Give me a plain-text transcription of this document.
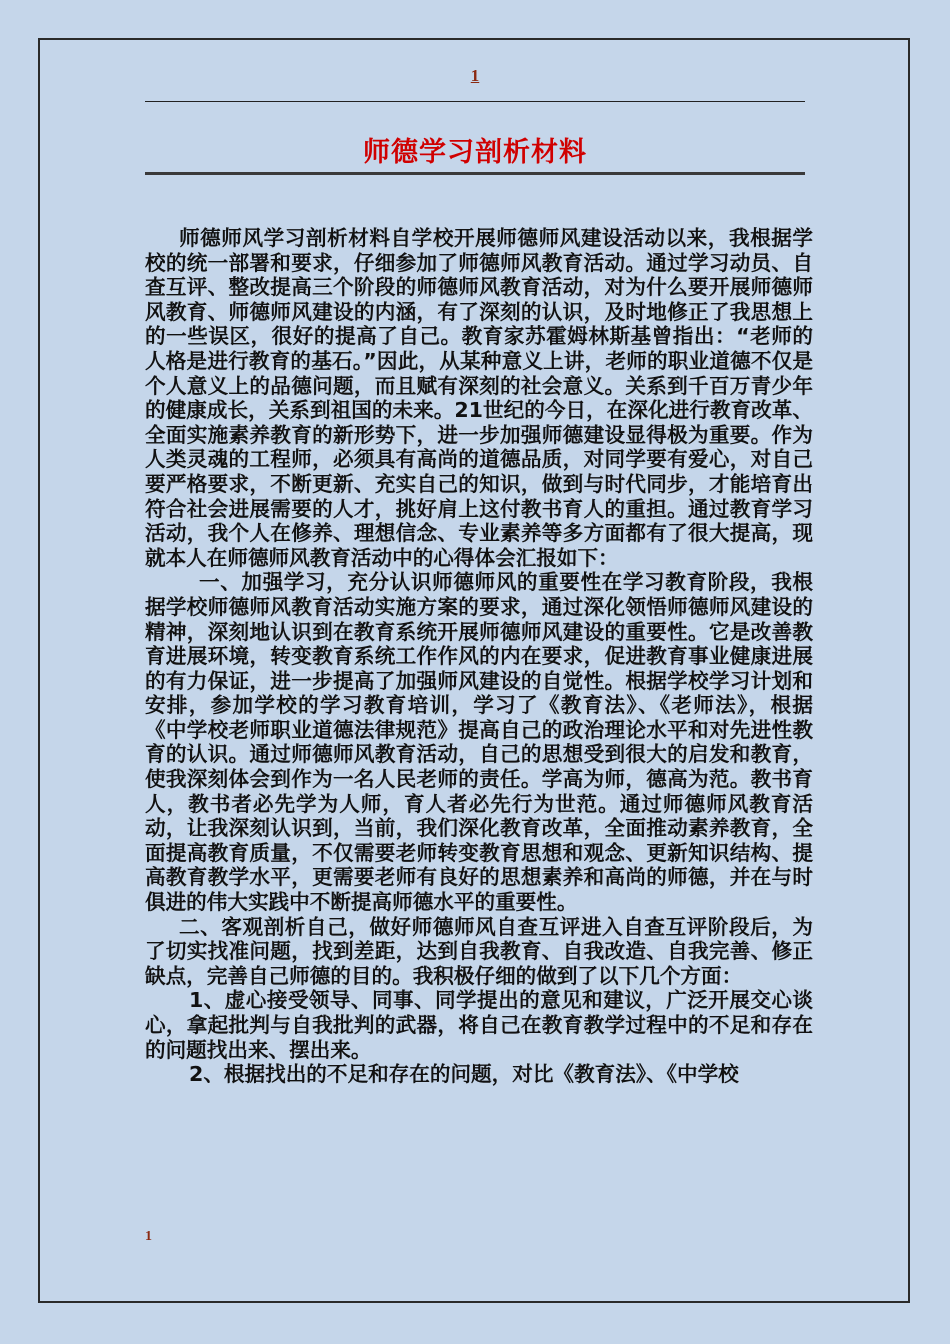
1
师德学习剖析材料

师德师风学习剖析材料自学校开展师德师风建设活动以来，我根据学校的统一部署和要求，仔细参加了师德师风教育活动。通过学习动员、自查互评、整改提高三个阶段的师德师风教育活动，对为什么要开展师德师风教育、师德师风建设的内涵，有了深刻的认识，及时地修正了我思想上的一些误区，很好的提高了自己。教育家苏霍姆林斯基曾指出：“老师的人格是进行教育的基石。”因此，从某种意义上讲，老师的职业道德不仅是个人意义上的品德问题，而且赋有深刻的社会意义。关系到千百万青少年的健康成长，关系到祖国的未来。21世纪的今日，在深化进行教育改革、全面实施素养教育的新形势下，进一步加强师德建设显得极为重要。作为人类灵魂的工程师，必须具有高尚的道德品质，对同学要有爱心，对自己要严格要求，不断更新、充实自己的知识，做到与时代同步，才能培育出符合社会进展需要的人才，挑好肩上这付教书育人的重担。通过教育学习活动，我个人在修养、理想信念、专业素养等多方面都有了很大提高，现就本人在师德师风教育活动中的心得体会汇报如下：

一、加强学习，充分认识师德师风的重要性在学习教育阶段，我根据学校师德师风教育活动实施方案的要求，通过深化领悟师德师风建设的精神，深刻地认识到在教育系统开展师德师风建设的重要性。它是改善教育进展环境，转变教育系统工作作风的内在要求，促进教育事业健康进展的有力保证，进一步提高了加强师风建设的自觉性。根据学校学习计划和安排，参加学校的学习教育培训，学习了《教育法》、《老师法》，根据《中学校老师职业道德法律规范》提高自己的政治理论水平和对先进性教育的认识。通过师德师风教育活动，自己的思想受到很大的启发和教育，使我深刻体会到作为一名人民老师的责任。学高为师，德高为范。教书育人，教书者必先学为人师，育人者必先行为世范。通过师德师风教育活动，让我深刻认识到，当前，我们深化教育改革，全面推动素养教育，全面提高教育质量，不仅需要老师转变教育思想和观念、更新知识结构、提高教育教学水平，更需要老师有良好的思想素养和高尚的师德，并在与时俱进的伟大实践中不断提高师德水平的重要性。

二、客观剖析自己，做好师德师风自查互评进入自查互评阶段后，为了切实找准问题，找到差距，达到自我教育、自我改造、自我完善、修正缺点，完善自己师德的目的。我积极仔细的做到了以下几个方面：

1、虚心接受领导、同事、同学提出的意见和建议，广泛开展交心谈心，拿起批判与自我批判的武器，将自己在教育教学过程中的不足和存在的问题找出来、摆出来。

2、根据找出的不足和存在的问题，对比《教育法》、《中学校

1
